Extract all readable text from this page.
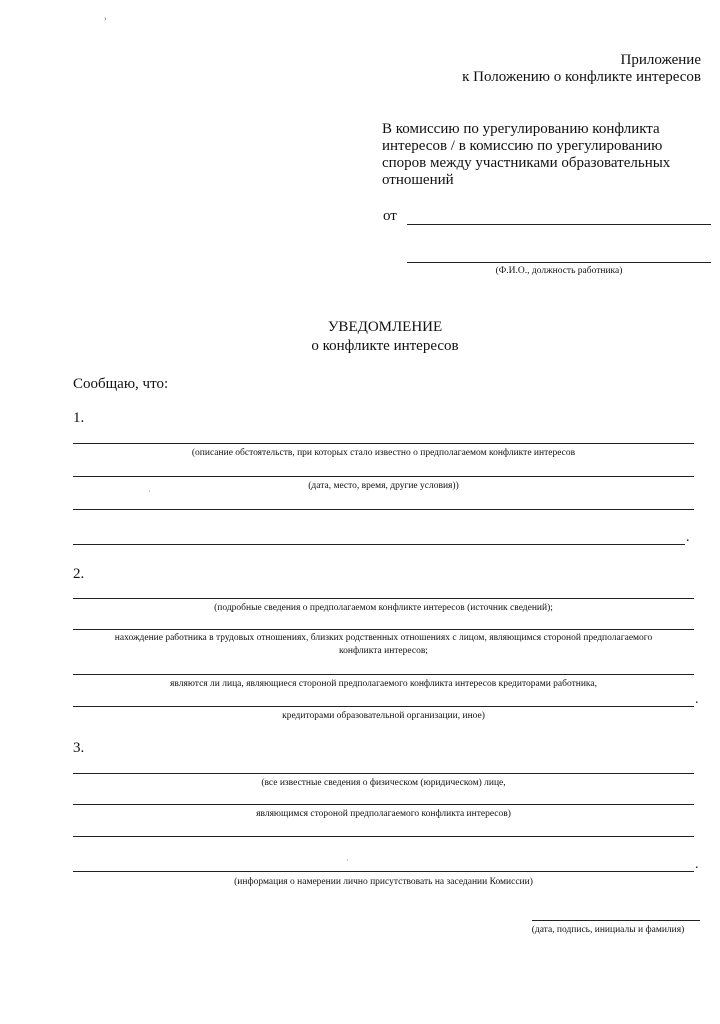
›
Приложение
к Положению о конфликте интересов
В комиссию по урегулированию конфликта
интересов / в комиссию по урегулированию
споров между участниками образовательных
отношений
от
(Ф.И.О., должность работника)
УВЕДОМЛЕНИЕ
о конфликте интересов
Сообщаю, что:
1.
(описание обстоятельств, при которых стало известно о предполагаемом конфликте интересов
(дата, место, время, другие условия))
.
·
2.
(подробные сведения о предполагаемом конфликте интересов (источник сведений);
нахождение работника в трудовых отношениях, близких родственных отношениях с лицом, являющимся стороной предполагаемого
конфликта интересов;
являются ли лица, являющиеся стороной предполагаемого конфликта интересов кредиторами работника,
.
кредиторами образовательной организации, иное)
3.
(все известные сведения о физическом (юридическом) лице,
являющимся стороной предполагаемого конфликта интересов)
·	.
(информация о намерении лично присутствовать на заседании Комиссии)
(дата, подпись, инициалы и фамилия)
